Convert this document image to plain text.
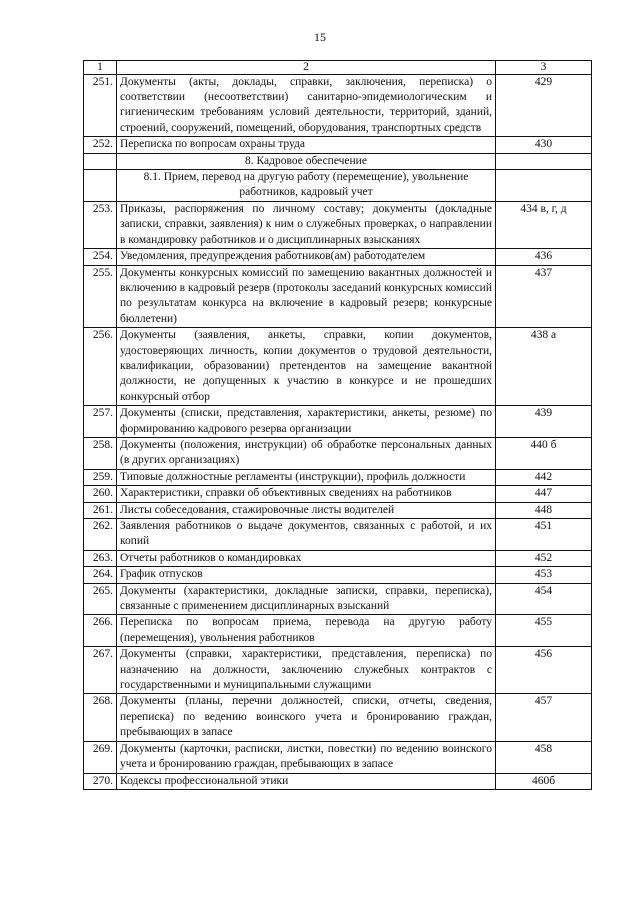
15
1	2	3
251.	Документы (акты, доклады, справки, заключения, переписка) о соответствии (несоответствии) санитарно-эпидемиологическим и гигиеническим требованиям условий деятельности, территорий, зданий, строений, сооружений, помещений, оборудования, транспортных средств	429
252.	Переписка по вопросам охраны труда	430
	8. Кадровое обеспечение	
	8.1. Прием, перевод на другую работу (перемещение), увольнение работников, кадровый учет	
253.	Приказы, распоряжения по личному составу; документы (докладные записки, справки, заявления) к ним о служебных проверках, о направлении в командировку работников и о дисциплинарных взысканиях	434 в, г, д
254.	Уведомления, предупреждения работников(ам) работодателем	436
255.	Документы конкурсных комиссий по замещению вакантных должностей и включению в кадровый резерв (протоколы заседаний конкурсных комиссий по результатам конкурса на включение в кадровый резерв; конкурсные бюллетени)	437
256.	Документы (заявления, анкеты, справки, копии документов, удостоверяющих личность, копии документов о трудовой деятельности, квалификации, образовании) претендентов на замещение вакантной должности, не допущенных к участию в конкурсе и не прошедших конкурсный отбор	438 а
257.	Документы (списки, представления, характеристики, анкеты, резюме) по формированию кадрового резерва организации	439
258.	Документы (положения, инструкции) об обработке персональных данных (в других организациях)	440 б
259.	Типовые должностные регламенты (инструкции), профиль должности	442
260.	Характеристики, справки об объективных сведениях на работников	447
261.	Листы собеседования, стажировочные листы водителей	448
262.	Заявления работников о выдаче документов, связанных с работой, и их копий	451
263.	Отчеты работников о командировках	452
264.	График отпусков	453
265.	Документы (характеристики, докладные записки, справки, переписка), связанные с применением дисциплинарных взысканий	454
266.	Переписка по вопросам приема, перевода на другую работу (перемещения), увольнения работников	455
267.	Документы (справки, характеристики, представления, переписка) по назначению на должности, заключению служебных контрактов с государственными и муниципальными служащими	456
268.	Документы (планы, перечни должностей, списки, отчеты, сведения, переписка) по ведению воинского учета и бронированию граждан, пребывающих в запасе	457
269.	Документы (карточки, расписки, листки, повестки) по ведению воинского учета и бронированию граждан, пребывающих в запасе	458
270.	Кодексы профессиональной этики	460б
